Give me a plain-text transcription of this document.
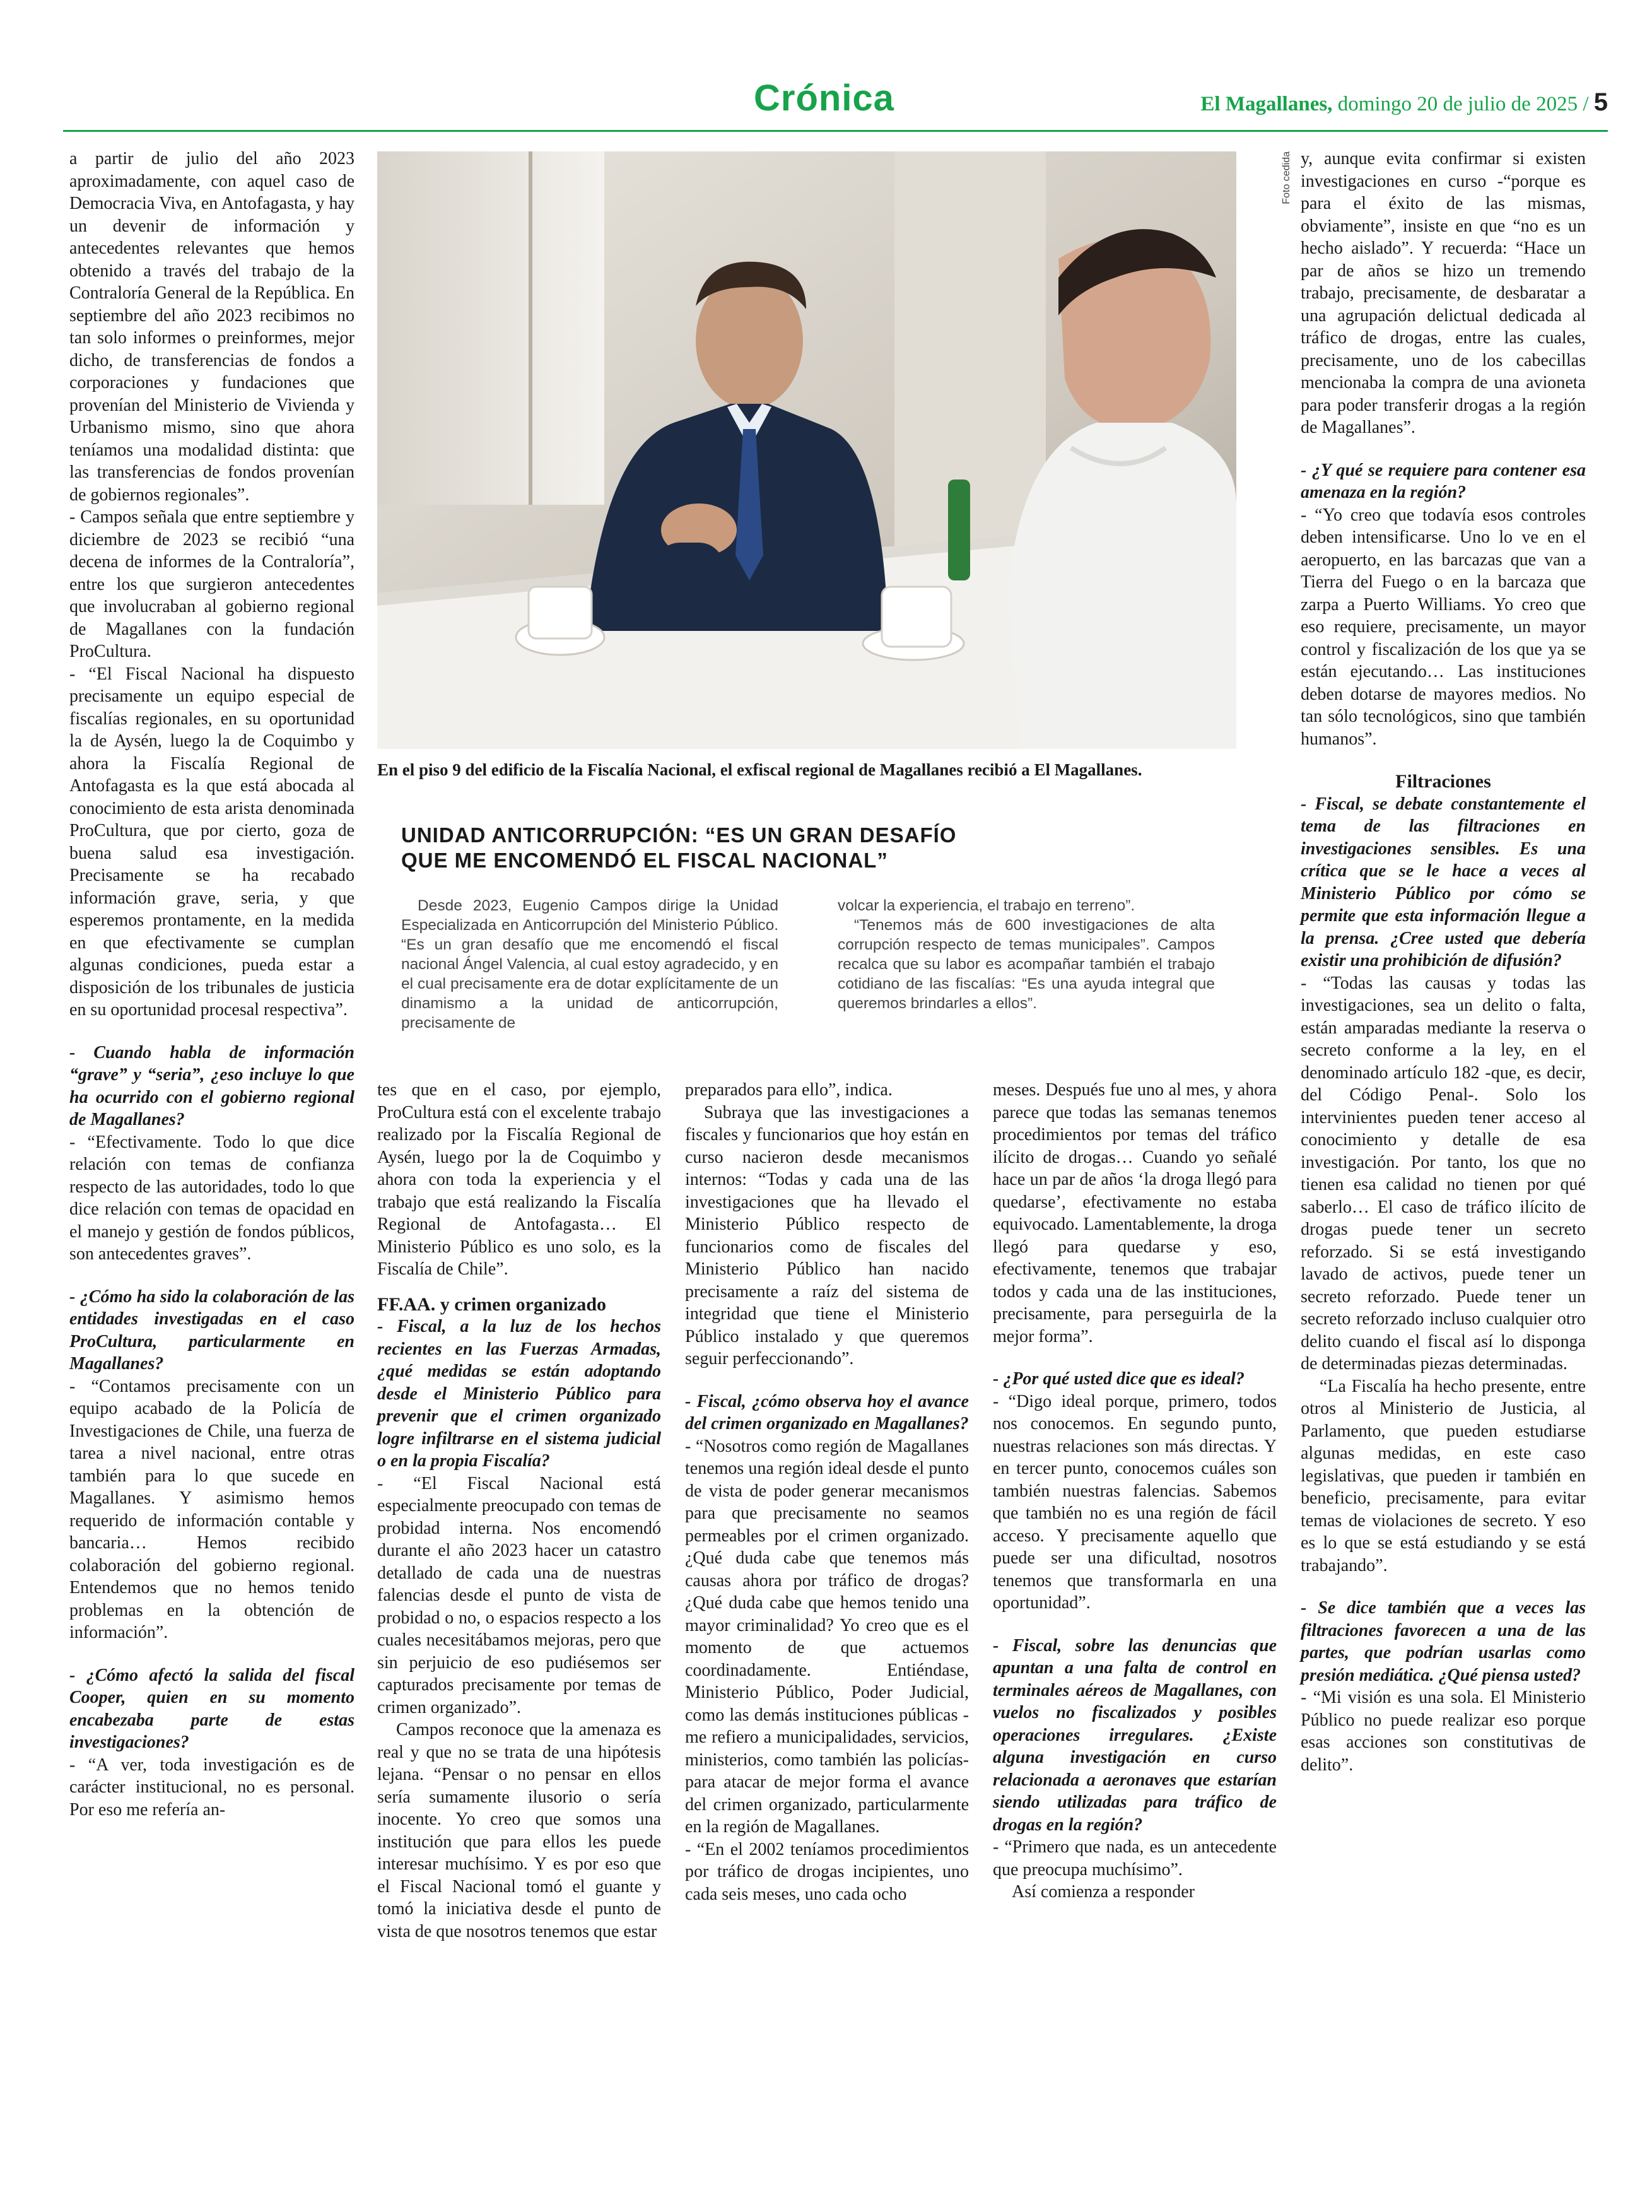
Crónica	El Magallanes, domingo 20 de julio de 2025 / 5
Foto cedida
En el piso 9 del edificio de la Fiscalía Nacional, el exfiscal regional de Magallanes recibió a El Magallanes.
UNIDAD ANTICORRUPCIÓN: “ES UN GRAN DESAFÍO
QUE ME ENCOMENDÓ EL FISCAL NACIONAL”

Desde 2023, Eugenio Campos dirige la Unidad Especializada en Anticorrupción del Ministerio Público. “Es un gran desafío que me encomendó el fiscal nacional Ángel Valencia, al cual estoy agradecido, y en el cual precisamente era de dotar explícitamente de un dinamismo a la unidad de anticorrupción, precisamente de

volcar la experiencia, el trabajo en terreno”.

“Tenemos más de 600 investigaciones de alta corrupción respecto de temas municipales”. Campos recalca que su labor es acompañar también el trabajo cotidiano de las fiscalías: “Es una ayuda integral que queremos brindarles a ellos”.

a partir de julio del año 2023 aproximadamente, con aquel caso de Democracia Viva, en Antofagasta, y hay un devenir de información y antecedentes relevantes que hemos obtenido a través del trabajo de la Contraloría General de la República. En septiembre del año 2023 recibimos no tan solo informes o preinformes, mejor dicho, de transferencias de fondos a corporaciones y fundaciones que provenían del Ministerio de Vivienda y Urbanismo mismo, sino que ahora teníamos una modalidad distinta: que las transferencias de fondos provenían de gobiernos regionales”.

- Campos señala que entre septiembre y diciembre de 2023 se recibió “una decena de informes de la Contraloría”, entre los que surgieron antecedentes que involucraban al gobierno regional de Magallanes con la fundación ProCultura.

- “El Fiscal Nacional ha dispuesto precisamente un equipo especial de fiscalías regionales, en su oportunidad la de Aysén, luego la de Coquimbo y ahora la Fiscalía Regional de Antofagasta es la que está abocada al conocimiento de esta arista denominada ProCultura, que por cierto, goza de buena salud esa investigación. Precisamente se ha recabado información grave, seria, y que esperemos prontamente, en la medida en que efectivamente se cumplan algunas condiciones, pueda estar a disposición de los tribunales de justicia en su oportunidad procesal respectiva”.

- Cuando habla de información “grave” y “seria”, ¿eso incluye lo que ha ocurrido con el gobierno regional de Magallanes?

- “Efectivamente. Todo lo que dice relación con temas de confianza respecto de las autoridades, todo lo que dice relación con temas de opacidad en el manejo y gestión de fondos públicos, son antecedentes graves”.

- ¿Cómo ha sido la colaboración de las entidades investigadas en el caso ProCultura, particularmente en Magallanes?

- “Contamos precisamente con un equipo acabado de la Policía de Investigaciones de Chile, una fuerza de tarea a nivel nacional, entre otras también para lo que sucede en Magallanes. Y asimismo hemos requerido de información contable y bancaria… Hemos recibido colaboración del gobierno regional. Entendemos que no hemos tenido problemas en la obtención de información”.

- ¿Cómo afectó la salida del fiscal Cooper, quien en su momento encabezaba parte de estas investigaciones?

- “A ver, toda investigación es de carácter institucional, no es personal. Por eso me refería an-

tes que en el caso, por ejemplo, ProCultura está con el excelente trabajo realizado por la Fiscalía Regional de Aysén, luego por la de Coquimbo y ahora con toda la experiencia y el trabajo que está realizando la Fiscalía Regional de Antofagasta… El Ministerio Público es uno solo, es la Fiscalía de Chile”.

FF.AA. y crimen organizado

- Fiscal, a la luz de los hechos recientes en las Fuerzas Armadas, ¿qué medidas se están adoptando desde el Ministerio Público para prevenir que el crimen organizado logre infiltrarse en el sistema judicial o en la propia Fiscalía?

- “El Fiscal Nacional está especialmente preocupado con temas de probidad interna. Nos encomendó durante el año 2023 hacer un catastro detallado de cada una de nuestras falencias desde el punto de vista de probidad o no, o espacios respecto a los cuales necesitábamos mejoras, pero que sin perjuicio de eso pudiésemos ser capturados precisamente por temas de crimen organizado”.

Campos reconoce que la amenaza es real y que no se trata de una hipótesis lejana. “Pensar o no pensar en ellos sería sumamente ilusorio o sería inocente. Yo creo que somos una institución que para ellos les puede interesar muchísimo. Y es por eso que el Fiscal Nacional tomó el guante y tomó la iniciativa desde el punto de vista de que nosotros tenemos que estar

preparados para ello”, indica.

Subraya que las investigaciones a fiscales y funcionarios que hoy están en curso nacieron desde mecanismos internos: “Todas y cada una de las investigaciones que ha llevado el Ministerio Público respecto de funcionarios como de fiscales del Ministerio Público han nacido precisamente a raíz del sistema de integridad que tiene el Ministerio Público instalado y que queremos seguir perfeccionando”.

- Fiscal, ¿cómo observa hoy el avance del crimen organizado en Magallanes?

- “Nosotros como región de Magallanes tenemos una región ideal desde el punto de vista de poder generar mecanismos para que precisamente no seamos permeables por el crimen organizado. ¿Qué duda cabe que tenemos más causas ahora por tráfico de drogas? ¿Qué duda cabe que hemos tenido una mayor criminalidad? Yo creo que es el momento de que actuemos coordinadamente. Entiéndase, Ministerio Público, Poder Judicial, como las demás instituciones públicas -me refiero a municipalidades, servicios, ministerios, como también las policías- para atacar de mejor forma el avance del crimen organizado, particularmente en la región de Magallanes.

- “En el 2002 teníamos procedimientos por tráfico de drogas incipientes, uno cada seis meses, uno cada ocho

meses. Después fue uno al mes, y ahora parece que todas las semanas tenemos procedimientos por temas del tráfico ilícito de drogas… Cuando yo señalé hace un par de años ‘la droga llegó para quedarse’, efectivamente no estaba equivocado. Lamentablemente, la droga llegó para quedarse y eso, efectivamente, tenemos que trabajar todos y cada una de las instituciones, precisamente, para perseguirla de la mejor forma”.

- ¿Por qué usted dice que es ideal?

- “Digo ideal porque, primero, todos nos conocemos. En segundo punto, nuestras relaciones son más directas. Y en tercer punto, conocemos cuáles son también nuestras falencias. Sabemos que también no es una región de fácil acceso. Y precisamente aquello que puede ser una dificultad, nosotros tenemos que transformarla en una oportunidad”.

- Fiscal, sobre las denuncias que apuntan a una falta de control en terminales aéreos de Magallanes, con vuelos no fiscalizados y posibles operaciones irregulares. ¿Existe alguna investigación en curso relacionada a aeronaves que estarían siendo utilizadas para tráfico de drogas en la región?

- “Primero que nada, es un antecedente que preocupa muchísimo”.

Así comienza a responder

y, aunque evita confirmar si existen investigaciones en curso -“porque es para el éxito de las mismas, obviamente”, insiste en que “no es un hecho aislado”. Y recuerda: “Hace un par de años se hizo un tremendo trabajo, precisamente, de desbaratar a una agrupación delictual dedicada al tráfico de drogas, entre las cuales, precisamente, uno de los cabecillas mencionaba la compra de una avioneta para poder transferir drogas a la región de Magallanes”.

- ¿Y qué se requiere para contener esa amenaza en la región?

- “Yo creo que todavía esos controles deben intensificarse. Uno lo ve en el aeropuerto, en las barcazas que van a Tierra del Fuego o en la barcaza que zarpa a Puerto Williams. Yo creo que eso requiere, precisamente, un mayor control y fiscalización de los que ya se están ejecutando… Las instituciones deben dotarse de mayores medios. No tan sólo tecnológicos, sino que también humanos”.

Filtraciones

- Fiscal, se debate constantemente el tema de las filtraciones en investigaciones sensibles. Es una crítica que se le hace a veces al Ministerio Público por cómo se permite que esta información llegue a la prensa. ¿Cree usted que debería existir una prohibición de difusión?

- “Todas las causas y todas las investigaciones, sea un delito o falta, están amparadas mediante la reserva o secreto conforme a la ley, en el denominado artículo 182 -que, es decir, del Código Penal-. Solo los intervinientes pueden tener acceso al conocimiento y detalle de esa investigación. Por tanto, los que no tienen esa calidad no tienen por qué saberlo… El caso de tráfico ilícito de drogas puede tener un secreto reforzado. Si se está investigando lavado de activos, puede tener un secreto reforzado. Puede tener un secreto reforzado incluso cualquier otro delito cuando el fiscal así lo disponga de determinadas piezas determinadas.

“La Fiscalía ha hecho presente, entre otros al Ministerio de Justicia, al Parlamento, que pueden estudiarse algunas medidas, en este caso legislativas, que pueden ir también en beneficio, precisamente, para evitar temas de violaciones de secreto. Y eso es lo que se está estudiando y se está trabajando”.

- Se dice también que a veces las filtraciones favorecen a una de las partes, que podrían usarlas como presión mediática. ¿Qué piensa usted?

- “Mi visión es una sola. El Ministerio Público no puede realizar eso porque esas acciones son constitutivas de delito”.
